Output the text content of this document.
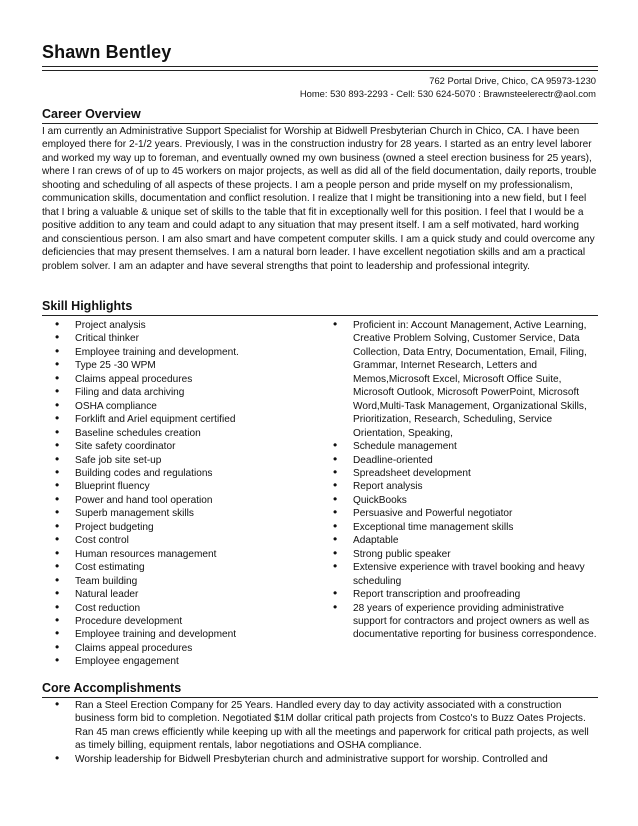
Shawn Bentley
762 Portal Drive, Chico, CA 95973-1230
Home: 530 893-2293 - Cell: 530 624-5070 : Brawnsteelerectr@aol.com
Career Overview
I am currently an Administrative Support Specialist for Worship at Bidwell Presbyterian Church in Chico, CA. I have been employed there for 2-1/2 years. Previously, I was in the construction industry for 28 years. I started as an entry level laborer and worked my way up to foreman, and eventually owned my own business (owned a steel erection business for 25 years), where I ran crews of of up to 45 workers on major projects, as well as did all of the field documentation, daily reports, trouble shooting and scheduling of all aspects of these projects. I am a people person and pride myself on my professionalism, communication skills, documentation and conflict resolution. I realize that I might be transitioning into a new field, but I feel that I bring a valuable & unique set of skills to the table that fit in exceptionally well for this position. I feel that I would be a positive addition to any team and could adapt to any situation that may present itself. I am a self motivated, hard working and conscientious person. I am also smart and have competent computer skills. I am a quick study and could overcome any deficiencies that may present themselves. I am a natural born leader. I have excellent negotiation skills and am a practical problem solver. I am an adapter and have several strengths that point to leadership and professional integrity.
Skill Highlights
• Project analysis
• Critical thinker
• Employee training and development.
• Type 25 -30 WPM
• Claims appeal procedures
• Filing and data archiving
• OSHA compliance
• Forklift and Ariel equipment certified
• Baseline schedules creation
• Site safety coordinator
• Safe job site set-up
• Building codes and regulations
• Blueprint fluency
• Power and hand tool operation
• Superb management skills
• Project budgeting
• Cost control
• Human resources management
• Cost estimating
• Team building
• Natural leader
• Cost reduction
• Procedure development
• Employee training and development
• Claims appeal procedures
• Employee engagement
• Proficient in: Account Management, Active Learning, Creative Problem Solving, Customer Service, Data Collection, Data Entry, Documentation, Email, Filing, Grammar, Internet Research, Letters and Memos,Microsoft Excel, Microsoft Office Suite, Microsoft Outlook, Microsoft PowerPoint, Microsoft Word,Multi-Task Management, Organizational Skills, Prioritization, Research, Scheduling, Service Orientation, Speaking,
• Schedule management
• Deadline-oriented
• Spreadsheet development
• Report analysis
• QuickBooks
• Persuasive and Powerful negotiator
• Exceptional time management skills
• Adaptable
• Strong public speaker
• Extensive experience with travel booking and heavy scheduling
• Report transcription and proofreading
• 28 years of experience providing administrative support for contractors and project owners as well as documentative reporting for business correspondence.
Core Accomplishments
• Ran a Steel Erection Company for 25 Years. Handled every day to day activity associated with a construction business form bid to completion. Negotiated $1M dollar critical path projects from Costco's to Buzz Oates Projects. Ran 45 man crews efficiently while keeping up with all the meetings and paperwork for critical path projects, as well as timely billing, equipment rentals, labor negotiations and OSHA compliance.
• Worship leadership for Bidwell Presbyterian church and administrative support for worship. Controlled and
